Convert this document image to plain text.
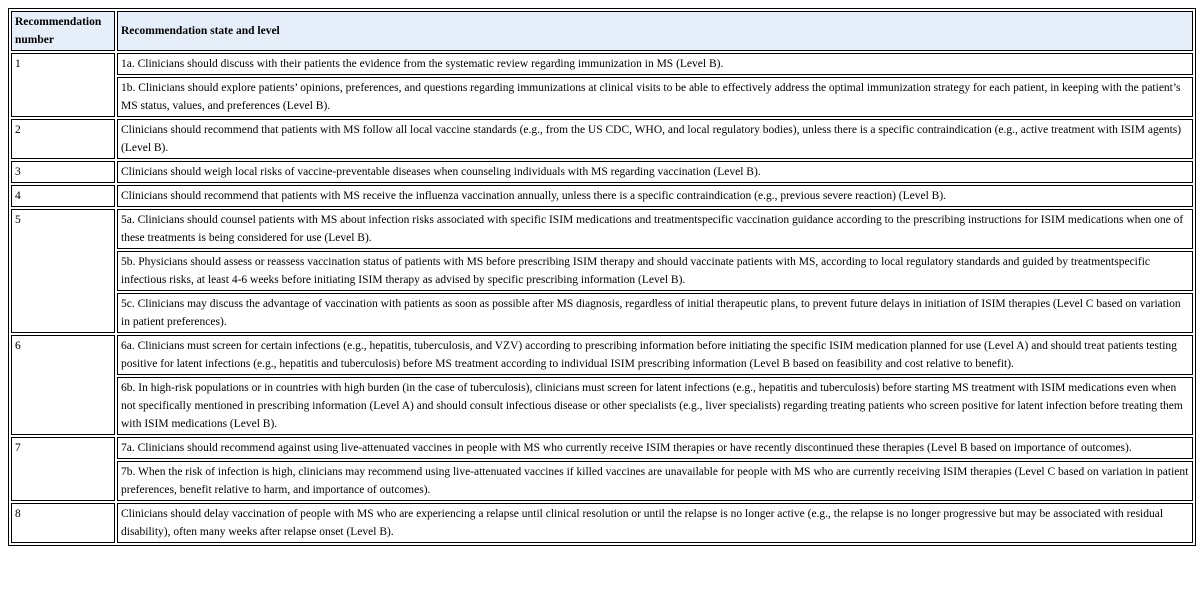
Recommendation number	Recommendation state and level
1	1a. Clinicians should discuss with their patients the evidence from the systematic review regarding immunization in MS (Level B).
	1b. Clinicians should explore patients’ opinions, preferences, and questions regarding immunizations at clinical visits to be able to effectively address the optimal immunization strategy for each patient, in keeping with the patient’s MS status, values, and preferences (Level B).
2	Clinicians should recommend that patients with MS follow all local vaccine standards (e.g., from the US CDC, WHO, and local regulatory bodies), unless there is a specific contraindication (e.g., active treatment with ISIM agents) (Level B).
3	Clinicians should weigh local risks of vaccine-preventable diseases when counseling individuals with MS regarding vaccination (Level B).
4	Clinicians should recommend that patients with MS receive the influenza vaccination annually, unless there is a specific contraindication (e.g., previous severe reaction) (Level B).
5	5a. Clinicians should counsel patients with MS about infection risks associated with specific ISIM medications and treatmentspecific vaccination guidance according to the prescribing instructions for ISIM medications when one of these treatments is being considered for use (Level B).
	5b. Physicians should assess or reassess vaccination status of patients with MS before prescribing ISIM therapy and should vaccinate patients with MS, according to local regulatory standards and guided by treatmentspecific infectious risks, at least 4-6 weeks before initiating ISIM therapy as advised by specific prescribing information (Level B).
	5c. Clinicians may discuss the advantage of vaccination with patients as soon as possible after MS diagnosis, regardless of initial therapeutic plans, to prevent future delays in initiation of ISIM therapies (Level C based on variation in patient preferences).
6	6a. Clinicians must screen for certain infections (e.g., hepatitis, tuberculosis, and VZV) according to prescribing information before initiating the specific ISIM medication planned for use (Level A) and should treat patients testing positive for latent infections (e.g., hepatitis and tuberculosis) before MS treatment according to individual ISIM prescribing information (Level B based on feasibility and cost relative to benefit).
	6b. In high-risk populations or in countries with high burden (in the case of tuberculosis), clinicians must screen for latent infections (e.g., hepatitis and tuberculosis) before starting MS treatment with ISIM medications even when not specifically mentioned in prescribing information (Level A) and should consult infectious disease or other specialists (e.g., liver specialists) regarding treating patients who screen positive for latent infection before treating them with ISIM medications (Level B).
7	7a. Clinicians should recommend against using live-attenuated vaccines in people with MS who currently receive ISIM therapies or have recently discontinued these therapies (Level B based on importance of outcomes).
	7b. When the risk of infection is high, clinicians may recommend using live-attenuated vaccines if killed vaccines are unavailable for people with MS who are currently receiving ISIM therapies (Level C based on variation in patient preferences, benefit relative to harm, and importance of outcomes).
8	Clinicians should delay vaccination of people with MS who are experiencing a relapse until clinical resolution or until the relapse is no longer active (e.g., the relapse is no longer progressive but may be associated with residual disability), often many weeks after relapse onset (Level B).
